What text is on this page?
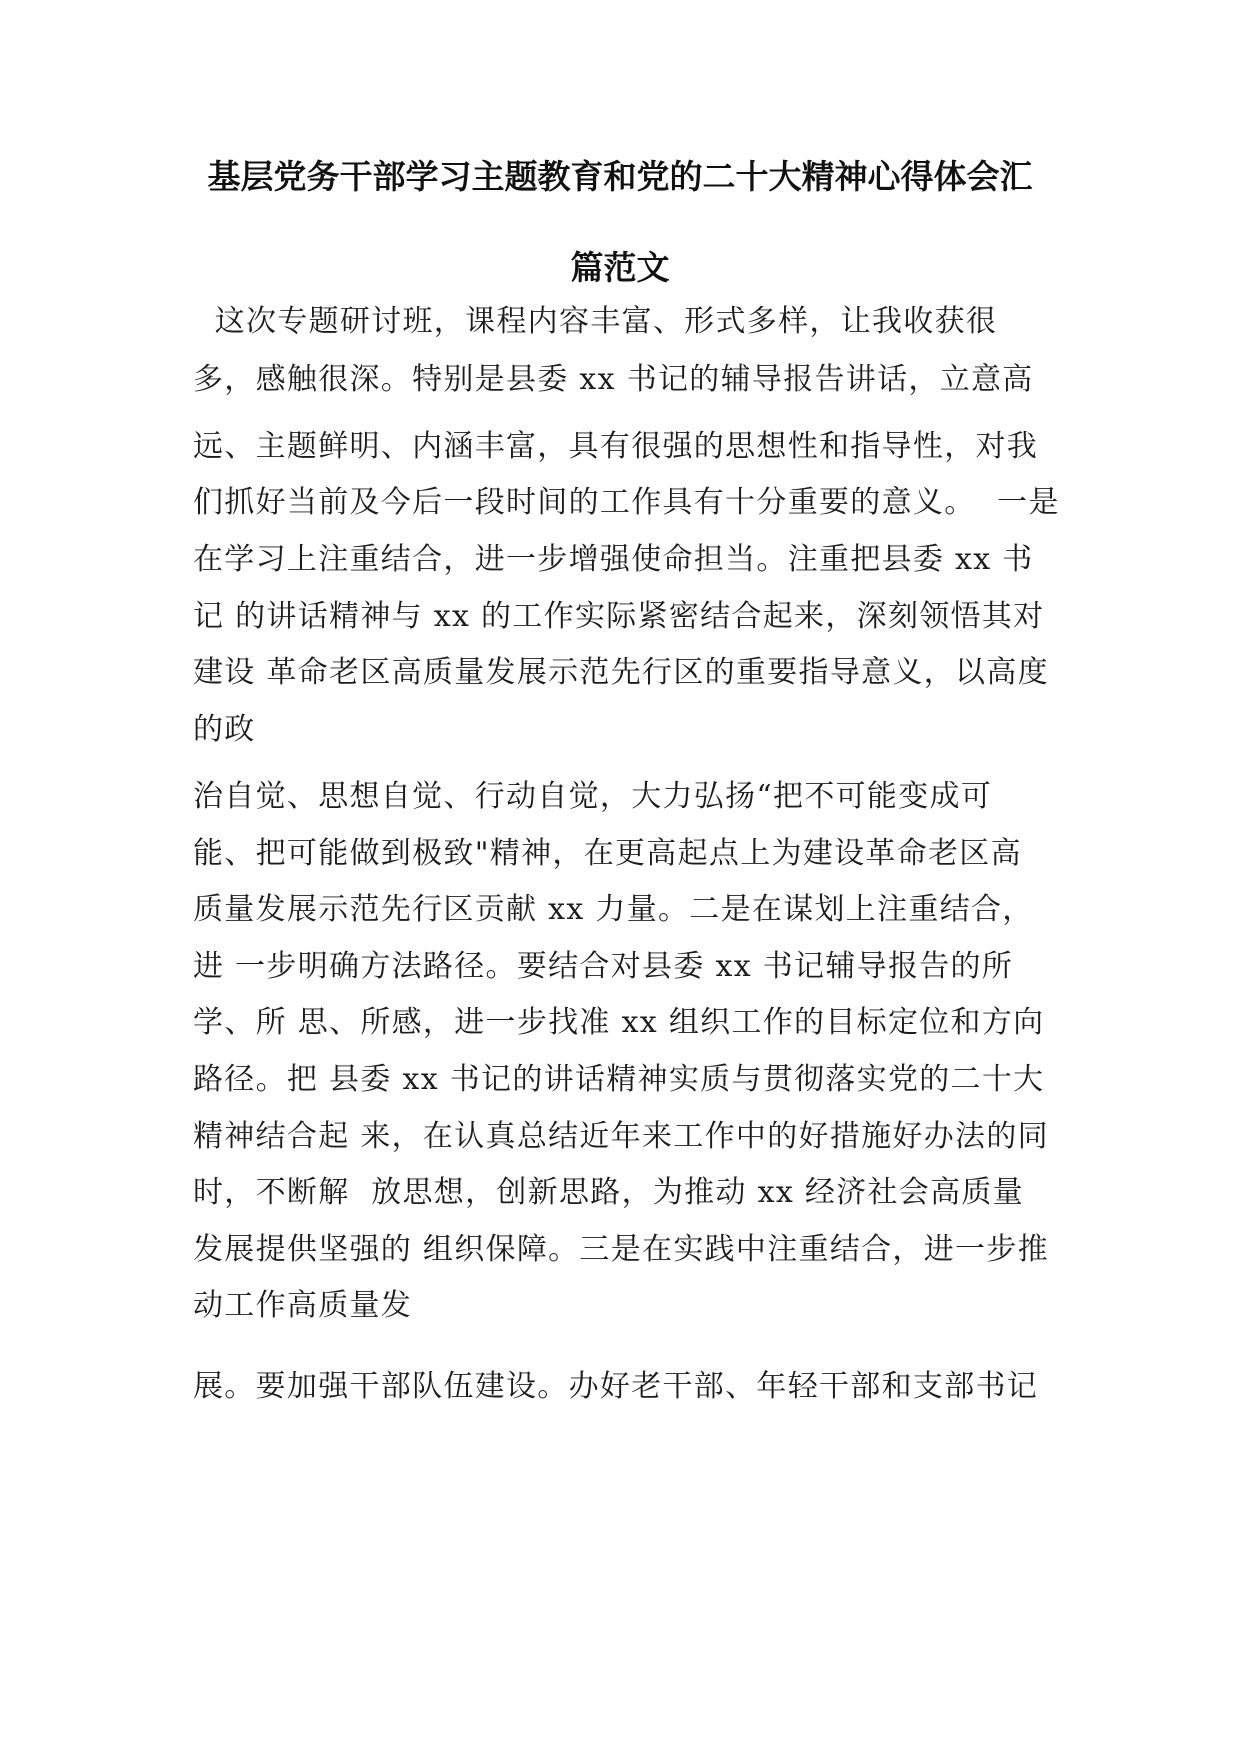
基层党务干部学习主题教育和党的二十大精神心得体会汇
篇范文
这次专题研讨班，课程内容丰富、形式多样，让我收获很
多，感触很深。特别是县委 xx 书记的辅导报告讲话，立意高
远、主题鲜明、内涵丰富，具有很强的思想性和指导性，对我
们抓好当前及今后一段时间的工作具有十分重要的意义。  一是
在学习上注重结合，进一步增强使命担当。注重把县委 xx 书
记 的讲话精神与 xx 的工作实际紧密结合起来，深刻领悟其对
建设 革命老区高质量发展示范先行区的重要指导意义，以高度
的政
治自觉、思想自觉、行动自觉，大力弘扬“把不可能变成可
能、把可能做到极致"精神，在更高起点上为建设革命老区高
质量发展示范先行区贡献 xx 力量。二是在谋划上注重结合，
进 一步明确方法路径。要结合对县委 xx 书记辅导报告的所
学、所 思、所感，进一步找准 xx 组织工作的目标定位和方向
路径。把 县委 xx 书记的讲话精神实质与贯彻落实党的二十大
精神结合起 来，在认真总结近年来工作中的好措施好办法的同
时，不断解  放思想，创新思路，为推动 xx 经济社会高质量
发展提供坚强的 组织保障。三是在实践中注重结合，进一步推
动工作高质量发
展。要加强干部队伍建设。办好老干部、年轻干部和支部书记
